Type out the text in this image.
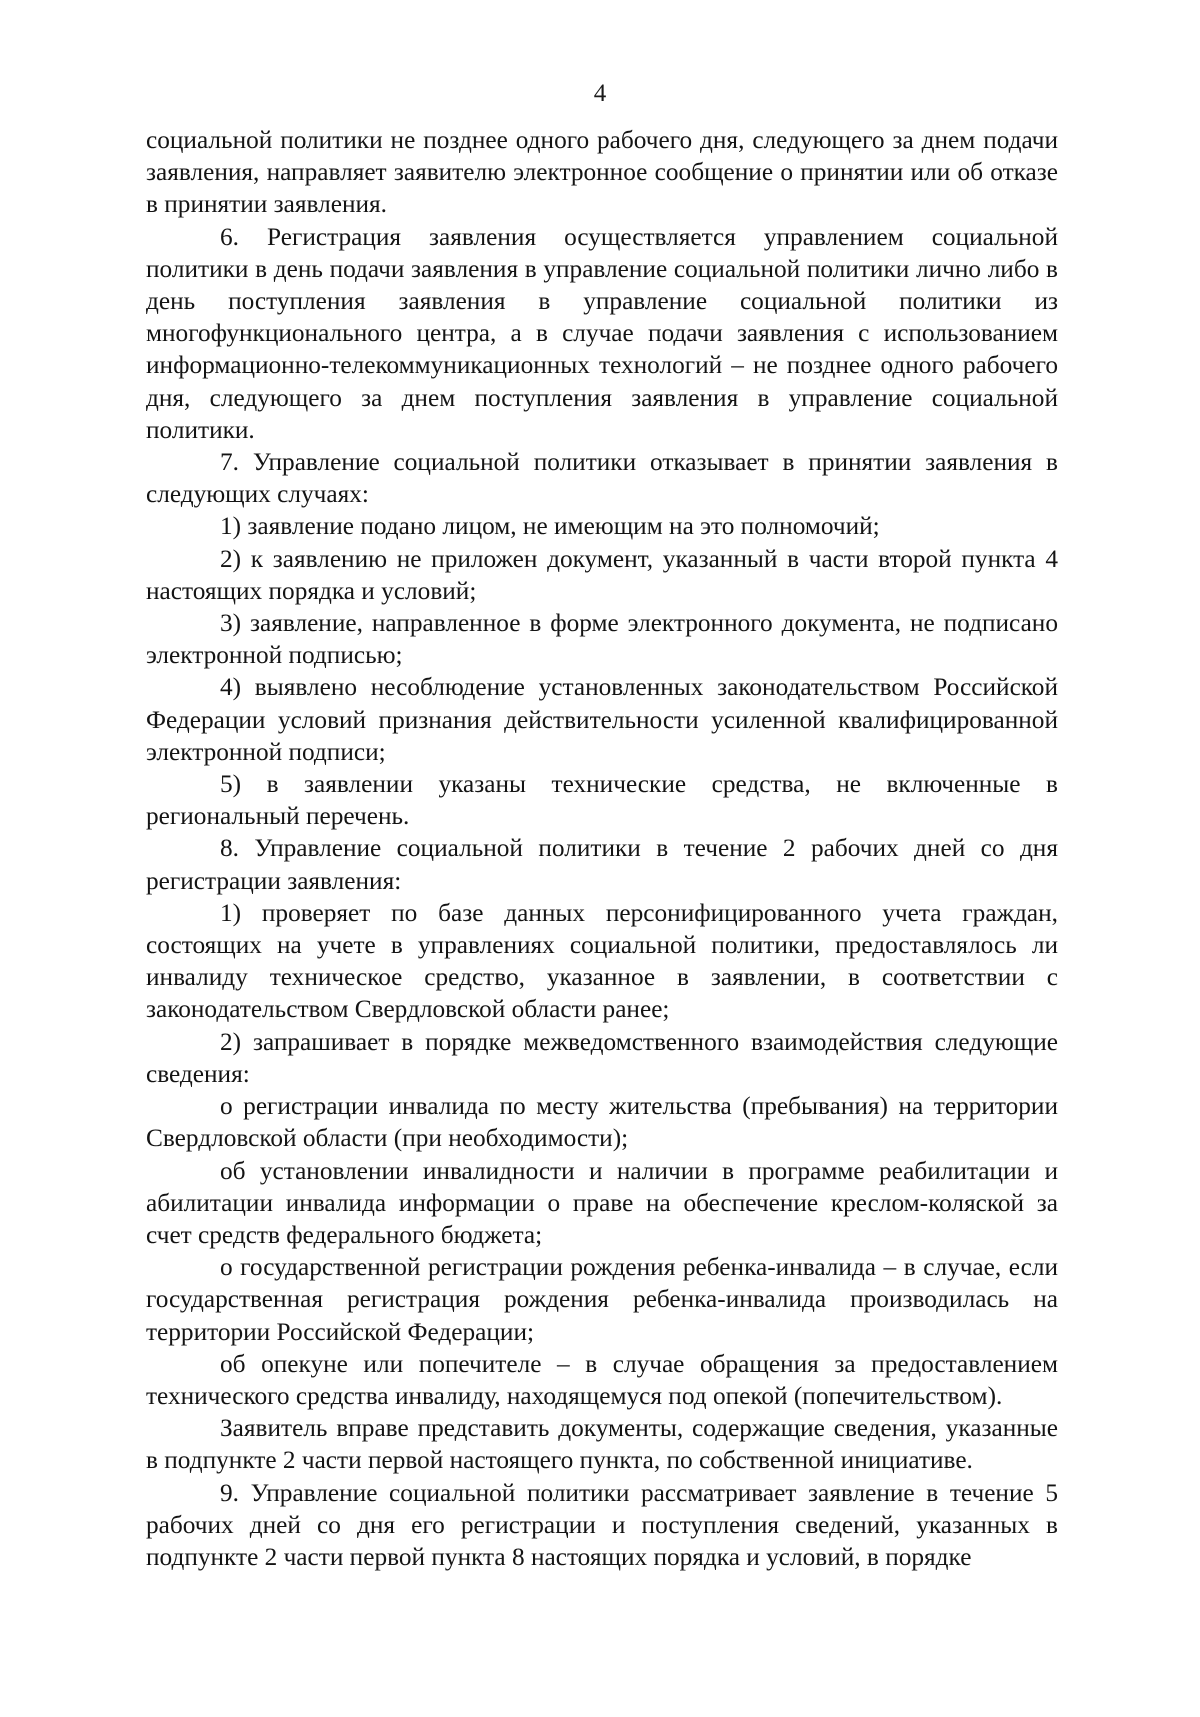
4

социальной политики не позднее одного рабочего дня, следующего за днем подачи заявления, направляет заявителю электронное сообщение о принятии или об отказе в принятии заявления.

6. Регистрация заявления осуществляется управлением социальной политики в день подачи заявления в управление социальной политики лично либо в день поступления заявления в управление социальной политики из многофункционального центра, а в случае подачи заявления с использованием информационно-телекоммуникационных технологий – не позднее одного рабочего дня, следующего за днем поступления заявления в управление социальной политики.

7. Управление социальной политики отказывает в принятии заявления в следующих случаях:

1) заявление подано лицом, не имеющим на это полномочий;

2) к заявлению не приложен документ, указанный в части второй пункта 4 настоящих порядка и условий;

3) заявление, направленное в форме электронного документа, не подписано электронной подписью;

4) выявлено несоблюдение установленных законодательством Российской Федерации условий признания действительности усиленной квалифицированной электронной подписи;

5) в заявлении указаны технические средства, не включенные в региональный перечень.

8. Управление социальной политики в течение 2 рабочих дней со дня регистрации заявления:

1) проверяет по базе данных персонифицированного учета граждан, состоящих на учете в управлениях социальной политики, предоставлялось ли инвалиду техническое средство, указанное в заявлении, в соответствии с законодательством Свердловской области ранее;

2) запрашивает в порядке межведомственного взаимодействия следующие сведения:

о регистрации инвалида по месту жительства (пребывания) на территории Свердловской области (при необходимости);

об установлении инвалидности и наличии в программе реабилитации и абилитации инвалида информации о праве на обеспечение креслом-коляской за счет средств федерального бюджета;

о государственной регистрации рождения ребенка-инвалида – в случае, если государственная регистрация рождения ребенка-инвалида производилась на территории Российской Федерации;

об опекуне или попечителе – в случае обращения за предоставлением технического средства инвалиду, находящемуся под опекой (попечительством).

Заявитель вправе представить документы, содержащие сведения, указанные в подпункте 2 части первой настоящего пункта, по собственной инициативе.

9. Управление социальной политики рассматривает заявление в течение 5 рабочих дней со дня его регистрации и поступления сведений, указанных в подпункте 2 части первой пункта 8 настоящих порядка и условий, в порядке
